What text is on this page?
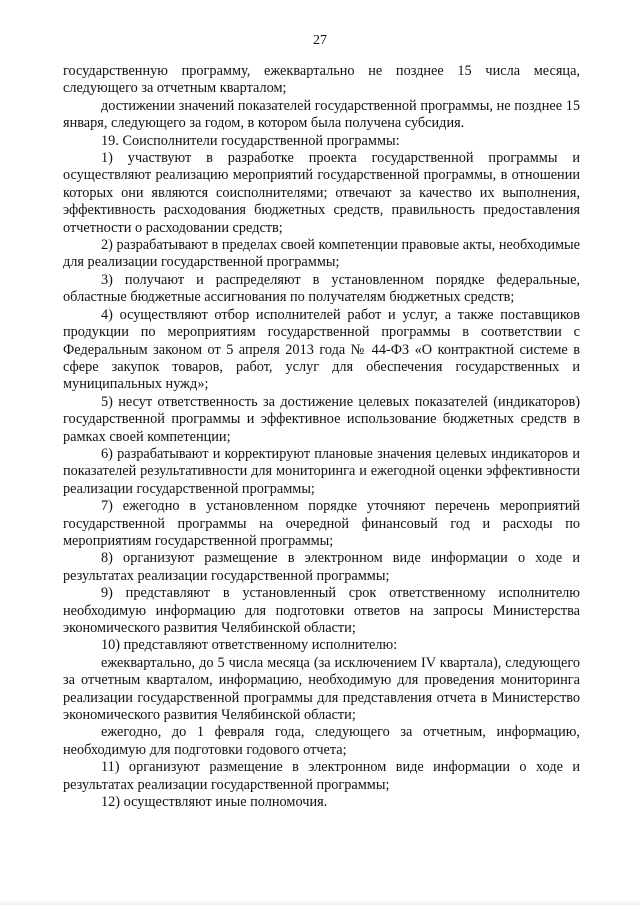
27

государственную программу, ежеквартально не позднее 15 числа месяца, следующего за отчетным кварталом;

достижении значений показателей государственной программы, не позднее 15 января, следующего за годом, в котором была получена субсидия.

19. Соисполнители государственной программы:

1) участвуют в разработке проекта государственной программы и осуществляют реализацию мероприятий государственной программы, в отношении которых они являются соисполнителями; отвечают за качество их выполнения, эффективность расходования бюджетных средств, правильность предоставления отчетности о расходовании средств;

2) разрабатывают в пределах своей компетенции правовые акты, необходимые для реализации государственной программы;

3) получают и распределяют в установленном порядке федеральные, областные бюджетные ассигнования по получателям бюджетных средств;

4) осуществляют отбор исполнителей работ и услуг, а также поставщиков продукции по мероприятиям государственной программы в соответствии с Федеральным законом от 5 апреля 2013 года № 44-ФЗ «О контрактной системе в сфере закупок товаров, работ, услуг для обеспечения государственных и муниципальных нужд»;

5) несут ответственность за достижение целевых показателей (индикаторов) государственной программы и эффективное использование бюджетных средств в рамках своей компетенции;

6) разрабатывают и корректируют плановые значения целевых индикаторов и показателей результативности для мониторинга и ежегодной оценки эффективности реализации государственной программы;

7) ежегодно в установленном порядке уточняют перечень мероприятий государственной программы на очередной финансовый год и расходы по мероприятиям государственной программы;

8) организуют размещение в электронном виде информации о ходе и результатах реализации государственной программы;

9) представляют в установленный срок ответственному исполнителю необходимую информацию для подготовки ответов на запросы Министерства экономического развития Челябинской области;

10) представляют ответственному исполнителю:

ежеквартально, до 5 числа месяца (за исключением IV квартала), следующего за отчетным кварталом, информацию, необходимую для проведения мониторинга реализации государственной программы для представления отчета в Министерство экономического развития Челябинской области;

ежегодно, до 1 февраля года, следующего за отчетным, информацию, необходимую для подготовки годового отчета;

11) организуют размещение в электронном виде информации о ходе и результатах реализации государственной программы;

12) осуществляют иные полномочия.
